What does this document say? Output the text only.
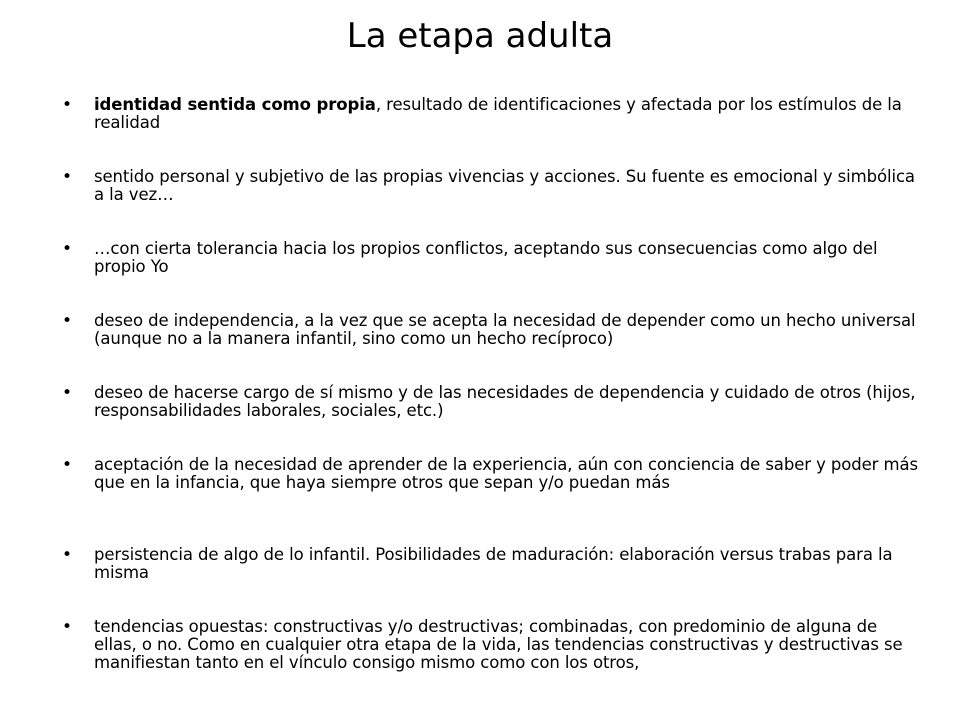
La etapa adulta
•	identidad sentida como propia, resultado de identificaciones y afectada por los estímulos de la realidad
•	sentido personal y subjetivo de las propias vivencias y acciones. Su fuente es emocional y simbólica a la vez…
•	…con cierta tolerancia hacia los propios conflictos, aceptando sus consecuencias como algo del propio Yo
•	deseo de independencia, a la vez que se acepta la necesidad de depender como un hecho universal (aunque no a la manera infantil, sino como un hecho recíproco)
•	deseo de hacerse cargo de sí mismo y de las necesidades de dependencia y cuidado de otros (hijos, responsabilidades laborales, sociales, etc.)
•	aceptación de la necesidad de aprender de la experiencia, aún con conciencia de saber y poder más que en la infancia, que haya siempre otros que sepan y/o puedan más
•	persistencia de algo de lo infantil. Posibilidades de maduración: elaboración versus trabas para la misma
•	tendencias opuestas: constructivas y/o destructivas; combinadas, con predominio de alguna de ellas, o no. Como en cualquier otra etapa de la vida, las tendencias constructivas y destructivas se manifiestan tanto en el vínculo consigo mismo como con los otros,
